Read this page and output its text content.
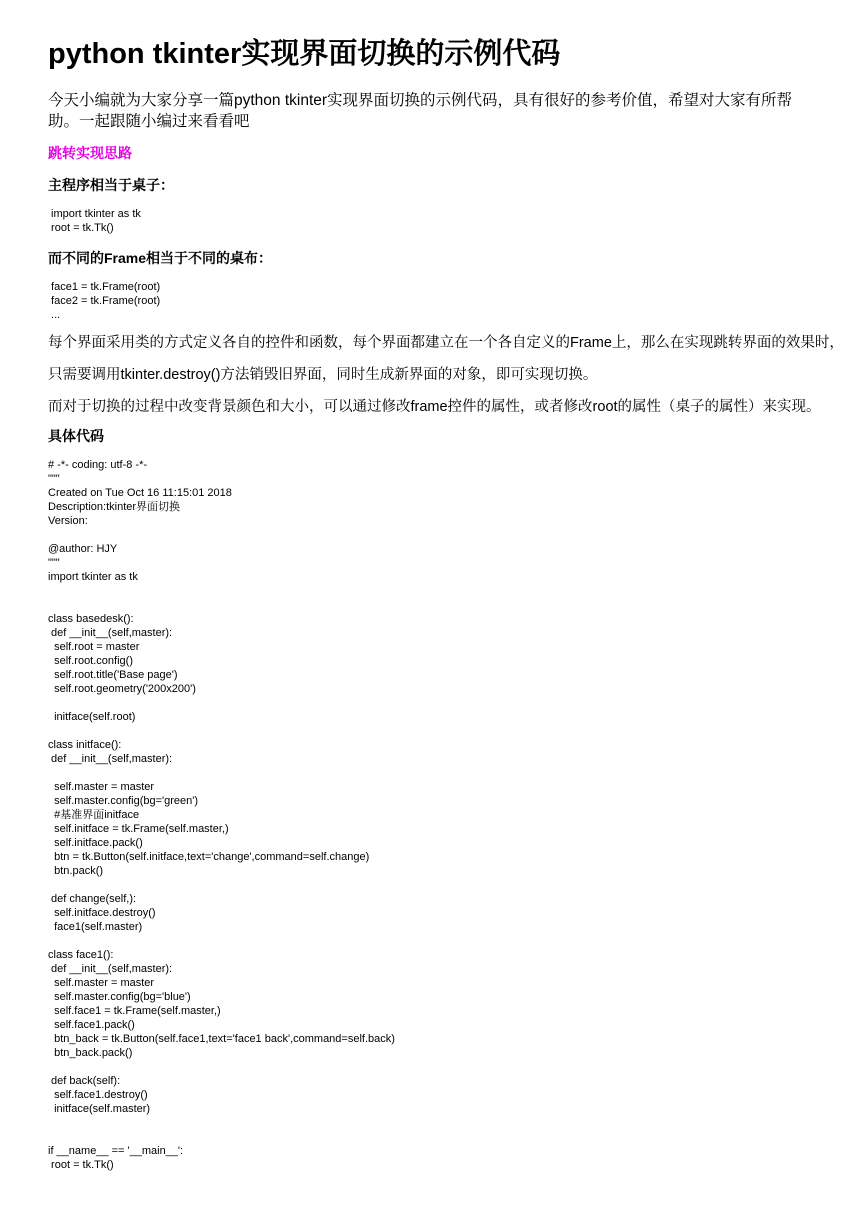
python tkinter实现界面切换的示例代码
今天小编就为大家分享一篇python tkinter实现界面切换的示例代码，具有很好的参考价值，希望对大家有所帮助。一起跟随小编过来看看吧
跳转实现思路
主程序相当于桌子：
import tkinter as tk
root = tk.Tk()
而不同的Frame相当于不同的桌布：
face1 = tk.Frame(root)
face2 = tk.Frame(root)
...
每个界面采用类的方式定义各自的控件和函数，每个界面都建立在一个各自定义的Frame上，那么在实现跳转界面的效果时，
只需要调用tkinter.destroy()方法销毁旧界面，同时生成新界面的对象，即可实现切换。
而对于切换的过程中改变背景颜色和大小，可以通过修改frame控件的属性，或者修改root的属性（桌子的属性）来实现。
具体代码
# -*- coding: utf-8 -*-
"""
Created on Tue Oct 16 11:15:01 2018
Description:tkinter界面切换
Version:

@author: HJY
"""
import tkinter as tk

class basedesk():
def __init__(self,master):
self.root = master
self.root.config()
self.root.title('Base page')
self.root.geometry('200x200')

initface(self.root)

class initface():
def __init__(self,master):

self.master = master
self.master.config(bg='green')
#基准界面initface
self.initface = tk.Frame(self.master,)
self.initface.pack()
btn = tk.Button(self.initface,text='change',command=self.change)
btn.pack()

def change(self,):
self.initface.destroy()
face1(self.master)

class face1():
def __init__(self,master):
self.master = master
self.master.config(bg='blue')
self.face1 = tk.Frame(self.master,)
self.face1.pack()
btn_back = tk.Button(self.face1,text='face1 back',command=self.back)
btn_back.pack()

def back(self):
self.face1.destroy()
initface(self.master)

if __name__ == '__main__':
root = tk.Tk()
